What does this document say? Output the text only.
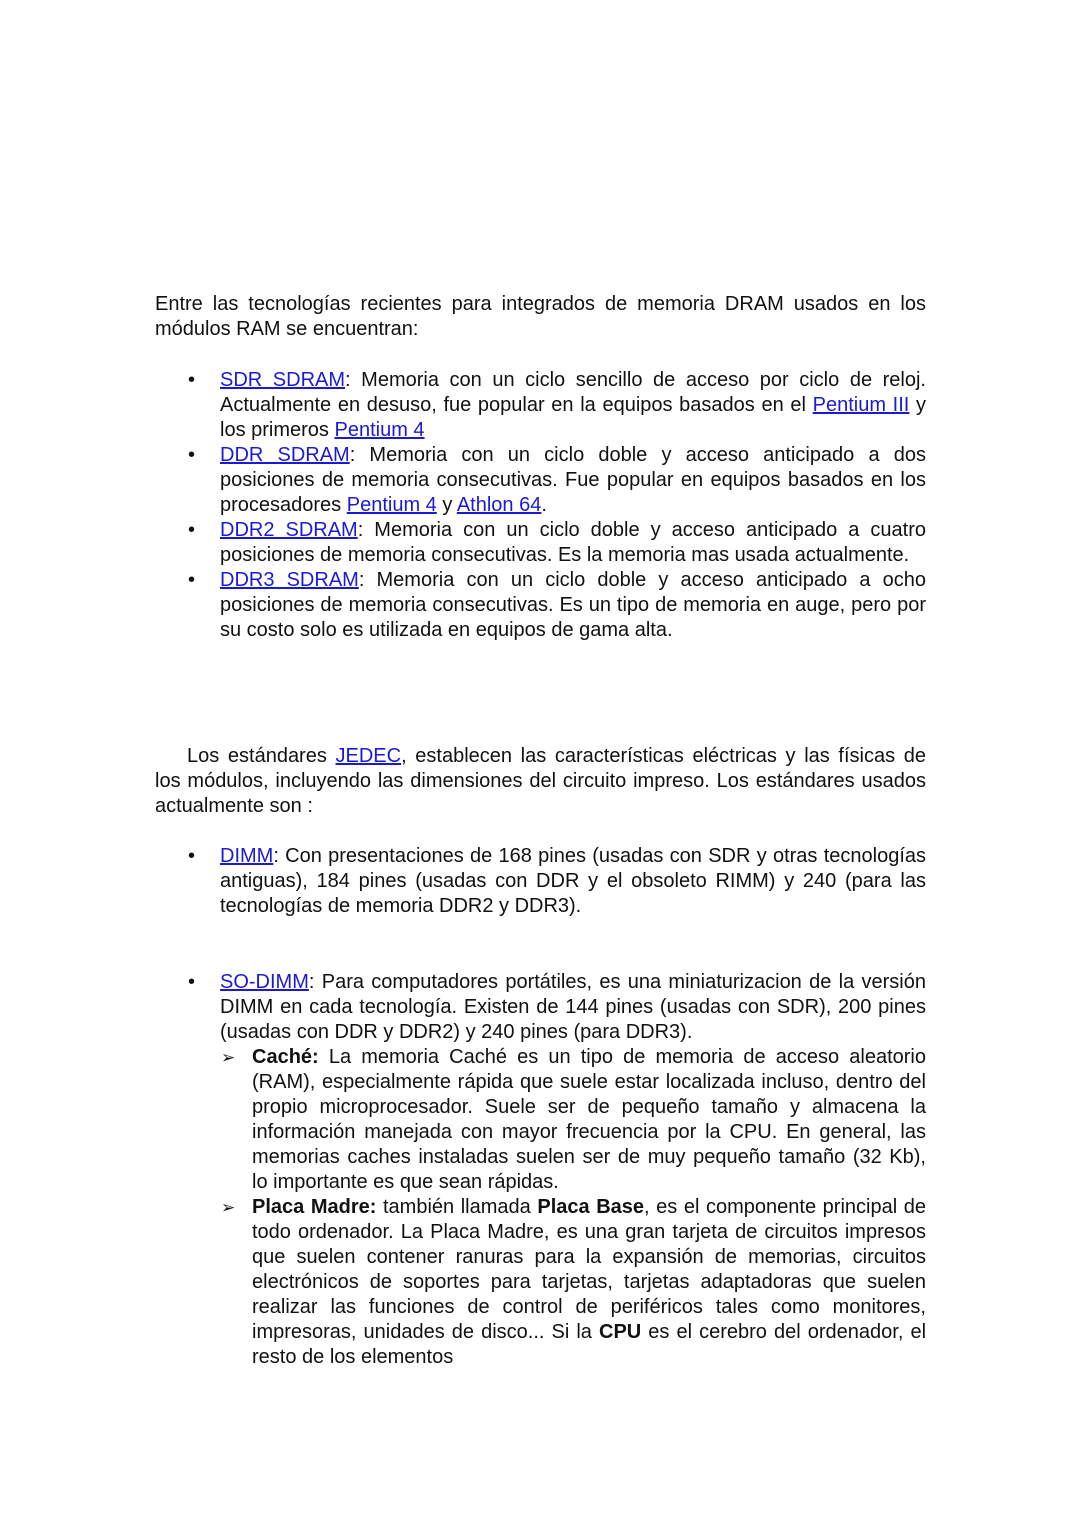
Entre las tecnologías recientes para integrados de memoria DRAM usados en los módulos RAM se encuentran:

• SDR SDRAM: Memoria con un ciclo sencillo de acceso por ciclo de reloj. Actualmente en desuso, fue popular en la equipos basados en el Pentium III y los primeros Pentium 4
• DDR SDRAM: Memoria con un ciclo doble y acceso anticipado a dos posiciones de memoria consecutivas. Fue popular en equipos basados en los procesadores Pentium 4 y Athlon 64.
• DDR2 SDRAM: Memoria con un ciclo doble y acceso anticipado a cuatro posiciones de memoria consecutivas. Es la memoria mas usada actualmente.
• DDR3 SDRAM: Memoria con un ciclo doble y acceso anticipado a ocho posiciones de memoria consecutivas. Es un tipo de memoria en auge, pero por su costo solo es utilizada en equipos de gama alta.

Los estándares JEDEC, establecen las características eléctricas y las físicas de los módulos, incluyendo las dimensiones del circuito impreso. Los estándares usados actualmente son :

• DIMM: Con presentaciones de 168 pines (usadas con SDR y otras tecnologías antiguas), 184 pines (usadas con DDR y el obsoleto RIMM) y 240 (para las tecnologías de memoria DDR2 y DDR3).
• SO-DIMM: Para computadores portátiles, es una miniaturizacion de la versión DIMM en cada tecnología. Existen de 144 pines (usadas con SDR), 200 pines (usadas con DDR y DDR2) y 240 pines (para DDR3).
➢ Caché: La memoria Caché es un tipo de memoria de acceso aleatorio (RAM), especialmente rápida que suele estar localizada incluso, dentro del propio microprocesador. Suele ser de pequeño tamaño y almacena la información manejada con mayor frecuencia por la CPU. En general, las memorias caches instaladas suelen ser de muy pequeño tamaño (32 Kb), lo importante es que sean rápidas.
➢ Placa Madre: también llamada Placa Base, es el componente principal de todo ordenador. La Placa Madre, es una gran tarjeta de circuitos impresos que suelen contener ranuras para la expansión de memorias, circuitos electrónicos de soportes para tarjetas, tarjetas adaptadoras que suelen realizar las funciones de control de periféricos tales como monitores, impresoras, unidades de disco... Si la CPU es el cerebro del ordenador, el resto de los elementos
